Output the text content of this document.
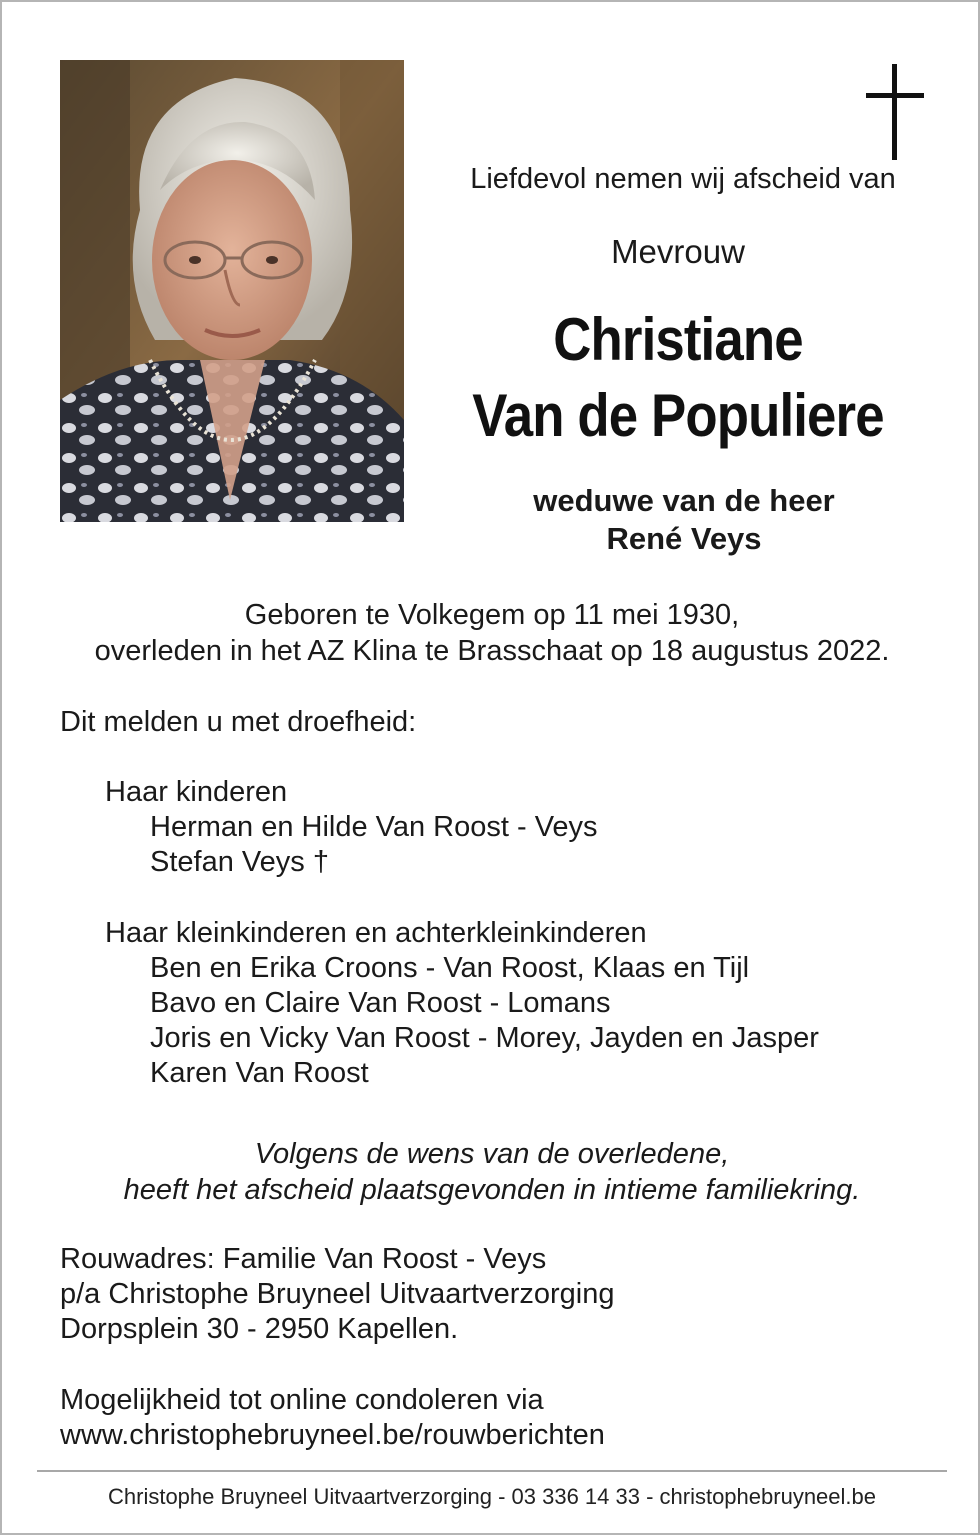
Liefdevol nemen wij afscheid van
Mevrouw
Christiane
Van de Populiere
weduwe van de heer
René Veys
Geboren te Volkegem op 11 mei 1930,
overleden in het AZ Klina te Brasschaat op 18 augustus 2022.
Dit melden u met droefheid:
Haar kinderen
Herman en Hilde Van Roost - Veys
Stefan Veys †
Haar kleinkinderen en achterkleinkinderen
Ben en Erika Croons - Van Roost, Klaas en Tijl
Bavo en Claire Van Roost - Lomans
Joris en Vicky Van Roost - Morey, Jayden en Jasper
Karen Van Roost
Volgens de wens van de overledene,
heeft het afscheid plaatsgevonden in intieme familiekring.
Rouwadres: Familie Van Roost - Veys
p/a Christophe Bruyneel Uitvaartverzorging
Dorpsplein 30 - 2950 Kapellen.
Mogelijkheid tot online condoleren via
www.christophebruyneel.be/rouwberichten
Christophe Bruyneel Uitvaartverzorging - 03 336 14 33 - christophebruyneel.be
